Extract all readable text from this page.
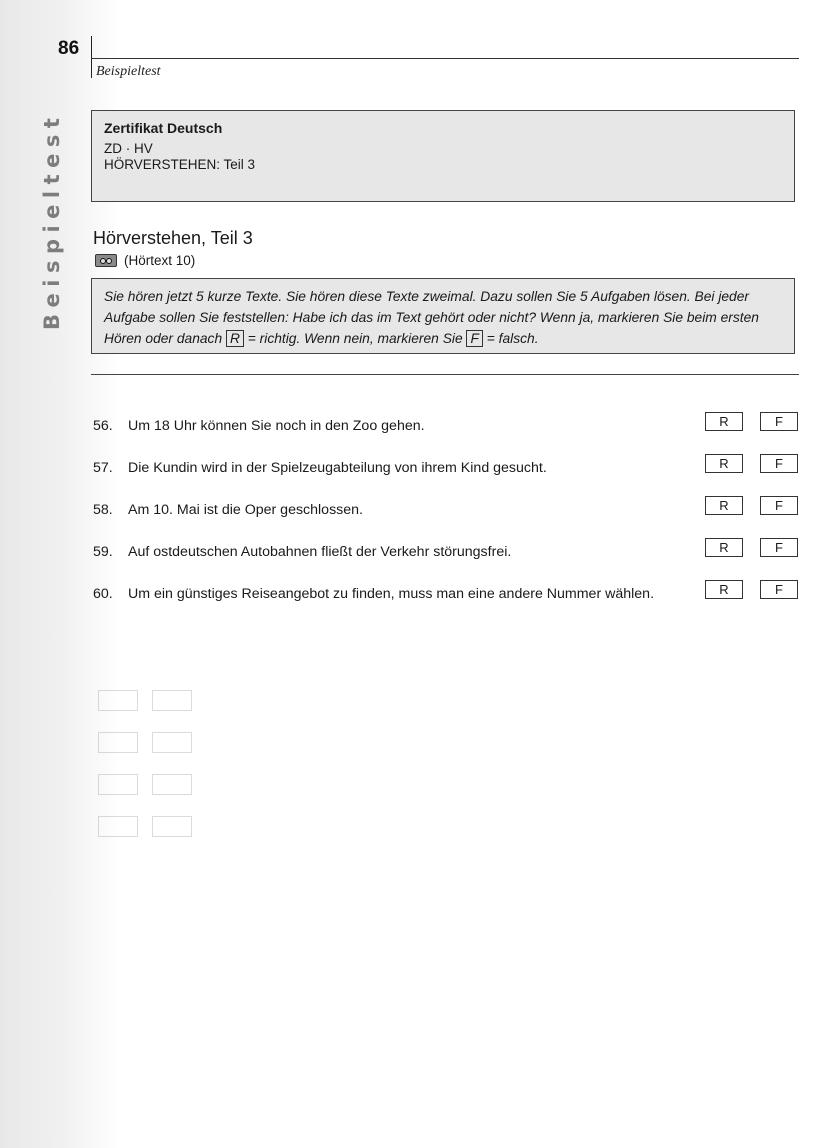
Beispieltest
86
Beispieltest
Zertifikat Deutsch
ZD · HV
HÖRVERSTEHEN: Teil 3
Hörverstehen, Teil 3
(Hörtext 10)
Sie hören jetzt 5 kurze Texte. Sie hören diese Texte zweimal. Dazu sollen Sie 5 Aufgaben lösen. Bei jeder Aufgabe sollen Sie feststellen: Habe ich das im Text gehört oder nicht? Wenn ja, markieren Sie beim ersten Hören oder danach R = richtig. Wenn nein, markieren Sie F = falsch.
56.	Um 18 Uhr können Sie noch in den Zoo gehen.	R	F
57.	Die Kundin wird in der Spielzeugabteilung von ihrem Kind gesucht.	R	F
58.	Am 10. Mai ist die Oper geschlossen.	R	F
59.	Auf ostdeutschen Autobahnen fließt der Verkehr störungsfrei.	R	F
60.	Um ein günstiges Reiseangebot zu finden, muss man eine andere Nummer wählen.	R	F
